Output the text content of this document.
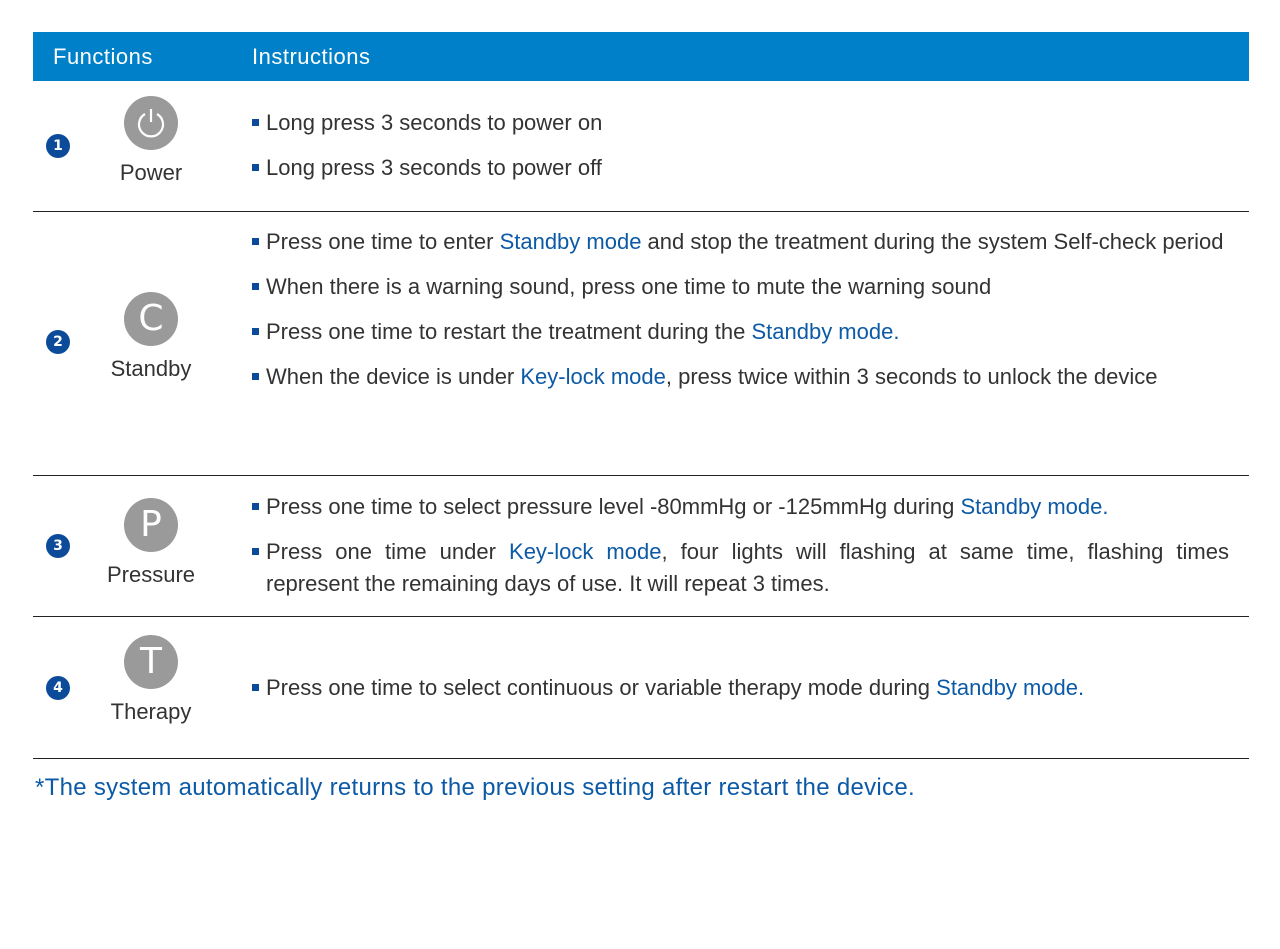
Functions	Instructions
1
Power
Long press 3 seconds to power on
Long press 3 seconds to power off
2
C
Standby
Press one time to enter Standby mode and stop the treatment during the system Self-check period
When there is a warning sound, press one time to mute the warning sound
Press one time to restart the treatment during the Standby mode.
When the device is under Key-lock mode, press twice within 3 seconds to unlock the device
3
P
Pressure
Press one time to select pressure level -80mmHg or -125mmHg during Standby mode.
Press one time under Key-lock mode, four lights will flashing at same time, flashing times represent the remaining days of use. It will repeat 3 times.
4
T
Therapy
Press one time to select continuous or variable therapy mode during Standby mode.
*The system automatically returns to the previous setting after restart the device.
